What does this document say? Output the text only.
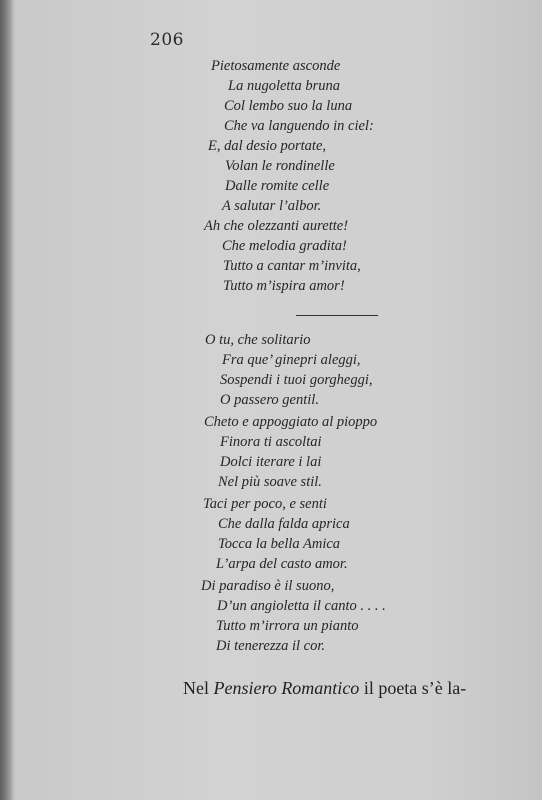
206
Pietosamente asconde
La nugoletta bruna
Col lembo suo la luna
Che va languendo in ciel:
E, dal desio portate,
Volan le rondinelle
Dalle romite celle
A salutar l’albor.
Ah che olezzanti aurette!
Che melodia gradita!
Tutto a cantar m’invita,
Tutto m’ispira amor!
O tu, che solitario
Fra que’ ginepri aleggi,
Sospendi i tuoi gorgheggi,
O passero gentil.
Cheto e appoggiato al pioppo
Finora ti ascoltai
Dolci iterare i lai
Nel più soave stil.
Taci per poco, e senti
Che dalla falda aprica
Tocca la bella Amica
L’arpa del casto amor.
Di paradiso è il suono,
D’un angioletta il canto . . . .
Tutto m’irrora un pianto
Di tenerezza il cor.
Nel Pensiero Romantico il poeta s’è la-
